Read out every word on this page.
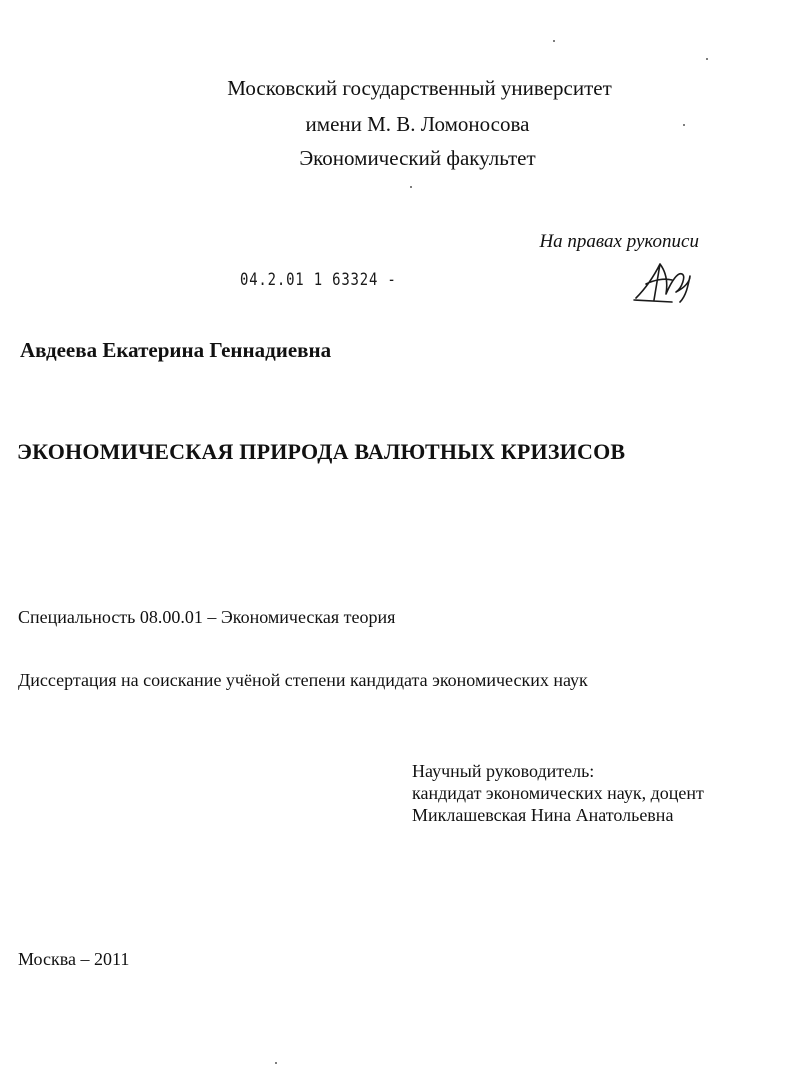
Московский государственный университет
имени М. В. Ломоносова
Экономический факультет
На правах рукописи
04.2.01 1 63324 -
Авдеева Екатерина Геннадиевна
ЭКОНОМИЧЕСКАЯ ПРИРОДА ВАЛЮТНЫХ КРИЗИСОВ
Специальность 08.00.01 – Экономическая теория
Диссертация на соискание учёной степени кандидата экономических наук
Научный руководитель:
кандидат экономических наук, доцент
Миклашевская Нина Анатольевна
Москва – 2011
